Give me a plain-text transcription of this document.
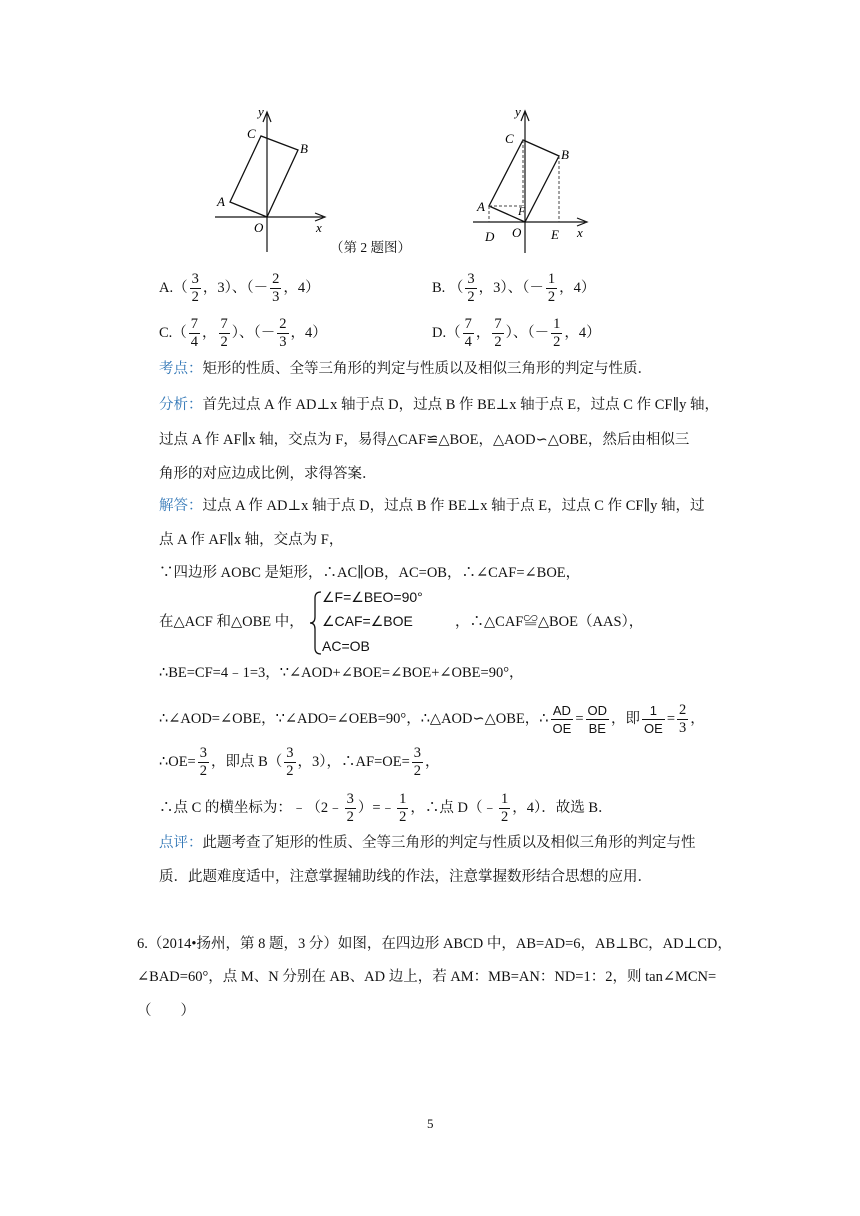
y
x
C
B
A
O
（第 2 题图）
y
x
C
B
A	F
D O E
$A.( \frac{3}{2}$ ，3）、（－ $\frac{2}{3}$ ，4）	B. （ $\frac{3}{2}$ ，3）、（－ $\frac{1}{2}$ ，4）
$C.( \frac{7}{4}$ ， $\frac{7}{2}$ ）、（－ $\frac{2}{3}$ ，4）	$D.( \frac{7}{4}$ ， $\frac{7}{2}$ ）、（－ $\frac{1}{2}$ ，4）
考点：矩形的性质、全等三角形的判定与性质以及相似三角形的判定与性质．
分析：首先过点 A 作 AD⊥x 轴于点 D，过点 B 作 BE⊥x 轴于点 E，过点 C 作 CF∥y 轴，
过点 A 作 AF∥x 轴，交点为 F，易得△CAF≌△BOE，△AOD∽△OBE，然后由相似三
角形的对应边成比例，求得答案．
解答：过点 A 作 AD⊥x 轴于点 D，过点 B 作 BE⊥x 轴于点 E，过点 C 作 CF∥y 轴，过
点 A 作 AF∥x 轴，交点为 F，
∵四边形 AOBC 是矩形，∴AC∥OB，AC=OB，∴∠CAF=∠BOE，
在△ACF 和△OBE 中，
∠F=∠BEO=90°
∠CAF=∠BOE
AC=OB
，∴△CAF≌△BOE（AAS），
∴BE=CF=4﹣1=3，∵∠AOD+∠BOE=∠BOE+∠OBE=90°，
∴∠AOD=∠OBE，∵∠ADO=∠OEB=90°，∴△AOD∽△OBE，∴ $\frac{AD}{OE} = \frac{OD}{BE}$ ，即 $\frac{1}{OE} = \frac{2}{3}$ ，
∴OE= $\frac{3}{2}$ ，即点 $B( \frac{3}{2}$ ，3），∴AF=OE= $\frac{3}{2}$ ，
∴点 C 的横坐标为：﹣（2﹣ $\frac{3}{2}$ ）=﹣ $\frac{1}{2}$ ，∴点 D（﹣ $\frac{1}{2}$ ，4）．故选 B．
点评：此题考查了矩形的性质、全等三角形的判定与性质以及相似三角形的判定与性
质．此题难度适中，注意掌握辅助线的作法，注意掌握数形结合思想的应用．
6.（2014•扬州，第 8 题，3 分）如图，在四边形 ABCD 中，AB=AD=6，AB⊥BC，AD⊥CD，
∠BAD=60°，点 M、N 分别在 AB、AD 边上，若 AM：MB=AN：ND=1：2，则 tan∠MCN=
（　　）
5
